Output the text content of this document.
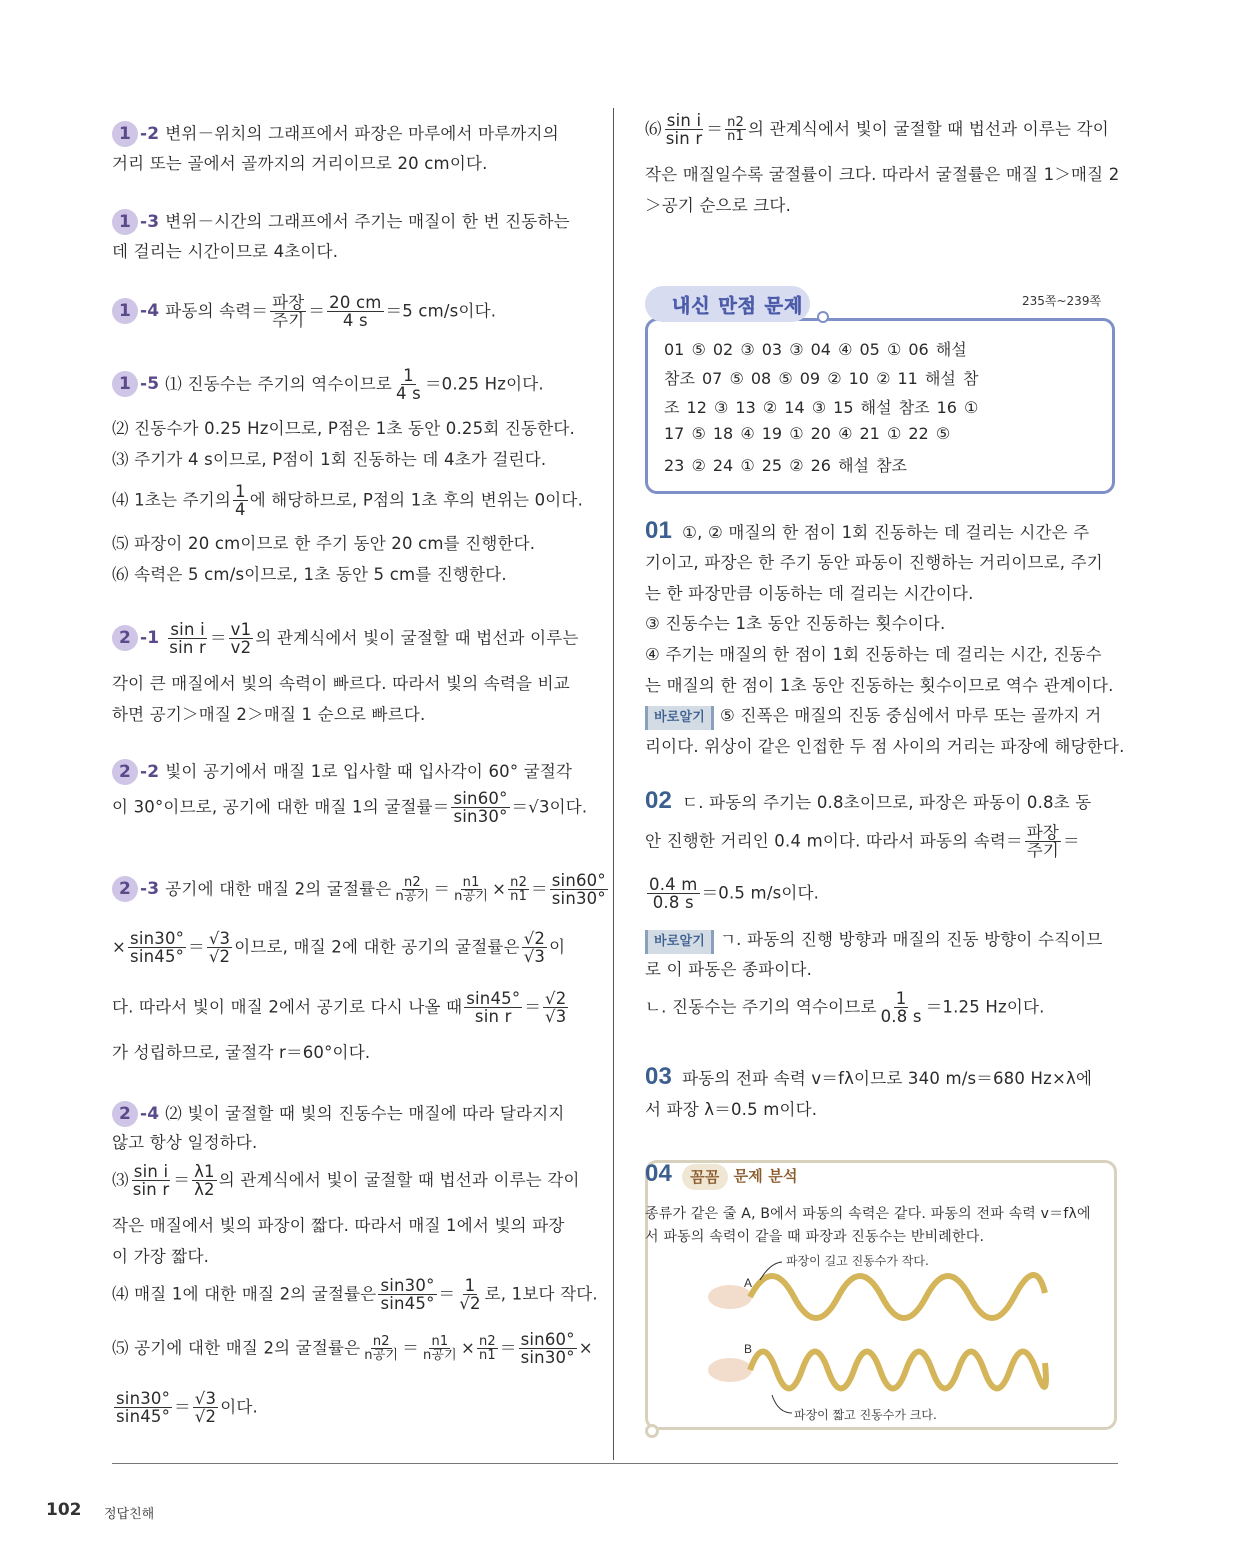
1 -2 변위－위치의 그래프에서 파장은 마루에서 마루까지의
거리 또는 골에서 골까지의 거리이므로 20 cm이다.
1 -3 변위－시간의 그래프에서 주기는 매질이 한 번 진동하는
데 걸리는 시간이므로 4초이다.
1 -4 파동의 속력＝ $\frac{\text{파장}}{\text{주기}} = \frac{20 cm}{4 s} =5$ cm/s이다.
1 -5 ⑴ 진동수는 주기의 역수이므로 $\frac{1}{4 s} =0.25$ Hz이다.
⑵ 진동수가 0.25 Hz이므로, P점은 1초 동안 0.25회 진동한다.
⑶ 주기가 4 s이므로, P점이 1회 진동하는 데 4초가 걸린다.
⑷ 1초는 주기의 $\frac{1}{4}$ 에 해당하므로, P점의 1초 후의 변위는 0이다.
⑸ 파장이 20 cm이므로 한 주기 동안 20 cm를 진행한다.
⑹ 속력은 5 cm/s이므로, 1초 동안 5 cm를 진행한다.
2 $-1 \frac{\text{sin i}}{\text{sin r}} = \frac{v1}{v2}$ 의 관계식에서 빛이 굴절할 때 법선과 이루는
각이 큰 매질에서 빛의 속력이 빠르다. 따라서 빛의 속력을 비교
하면 공기＞매질 2＞매질 1 순으로 빠르다.
2 -2 빛이 공기에서 매질 1로 입사할 때 입사각이 60° 굴절각
이 30°이므로, 공기에 대한 매질 1의 굴절률＝ $\frac{\sin 60^\circ}{\sin 30^\circ} =√3$이다.
2 -3 공기에 대한 매질 2의 굴절률은 $\frac{n2}{\text{n공기}} = \frac{n1}{\text{n공기}} \times \frac{n2}{n1} = \frac{\sin 60^\circ}{\sin 30^\circ}$
× $\frac{\sin 30^\circ}{\sin 45^\circ} = \frac{√3}{√2}$ 이므로, 매질 2에 대한 공기의 굴절률은 $\frac{√2}{√3}$ 이
다. 따라서 빛이 매질 2에서 공기로 다시 나올 때 $\frac{\sin 45^\circ}{\text{sin r}} = \frac{√2}{√3}$
가 성립하므로, 굴절각 r＝60°이다.
2 -4 ⑵ 빛이 굴절할 때 빛의 진동수는 매질에 따라 달라지지
않고 항상 일정하다.
⑶ $\frac{\text{sin i}}{\text{sin r}} = \frac{\lambda 1}{\lambda 2}$ 의 관계식에서 빛이 굴절할 때 법선과 이루는 각이
작은 매질에서 빛의 파장이 짧다. 따라서 매질 1에서 빛의 파장
이 가장 짧다.
⑷ 매질 1에 대한 매질 2의 굴절률은 $\frac{\sin 30^\circ}{\sin 45^\circ} = \frac{1}{√2}$ 로, 1보다 작다.
⑸ 공기에 대한 매질 2의 굴절률은 $\frac{n2}{\text{n공기}} = \frac{n1}{\text{n공기}} \times \frac{n2}{n1} = \frac{\sin 60^\circ}{\sin 30^\circ}$ ×
$\frac{\sin 30^\circ}{\sin 45^\circ} = \frac{√3}{√2}$ 이다.
⑹ $\frac{\text{sin i}}{\text{sin r}} = \frac{n2}{n1}$ 의 관계식에서 빛이 굴절할 때 법선과 이루는 각이
작은 매질일수록 굴절률이 크다. 따라서 굴절률은 매질 1＞매질 2
＞공기 순으로 크다.
내신 만점 문제	235쪽~239쪽
01 ⑤ 02 ③ 03 ③ 04 ④ 05 ① 06 해설
참조 07 ⑤ 08 ⑤ 09 ② 10 ② 11 해설 참
조 12 ③ 13 ② 14 ③ 15 해설 참조 16 ①
17 ⑤ 18 ④ 19 ① 20 ④ 21 ① 22 ⑤
23 ② 24 ① 25 ② 26 해설 참조
01 ①, ② 매질의 한 점이 1회 진동하는 데 걸리는 시간은 주
기이고, 파장은 한 주기 동안 파동이 진행하는 거리이므로, 주기
는 한 파장만큼 이동하는 데 걸리는 시간이다.
③ 진동수는 1초 동안 진동하는 횟수이다.
④ 주기는 매질의 한 점이 1회 진동하는 데 걸리는 시간, 진동수
는 매질의 한 점이 1초 동안 진동하는 횟수이므로 역수 관계이다.
바로알기 ⑤ 진폭은 매질의 진동 중심에서 마루 또는 골까지 거
리이다. 위상이 같은 인접한 두 점 사이의 거리는 파장에 해당한다.
02 ㄷ. 파동의 주기는 0.8초이므로, 파장은 파동이 0.8초 동
안 진행한 거리인 0.4 m이다. 따라서 파동의 속력＝ $\frac{\text{파장}}{\text{주기}}$ ＝
$\frac{0.4 m}{0.8 s} =0.5$ m/s이다.
바로알기 ㄱ. 파동의 진행 방향과 매질의 진동 방향이 수직이므
로 이 파동은 종파이다.
ㄴ. 진동수는 주기의 역수이므로 $\frac{1}{0.8 s} =1.25$ Hz이다.
03 파동의 전파 속력 v＝fλ이므로 340 m/s＝680 Hz×λ에
서 파장 λ＝0.5 m이다.
04 꼼꼼 문제 분석
종류가 같은 줄 A, B에서 파동의 속력은 같다. 파동의 전파 속력 v＝fλ에
서 파동의 속력이 같을 때 파장과 진동수는 반비례한다.
A
B
파장이 길고 진동수가 작다.
파장이 짧고 진동수가 크다.
102 정답친해
